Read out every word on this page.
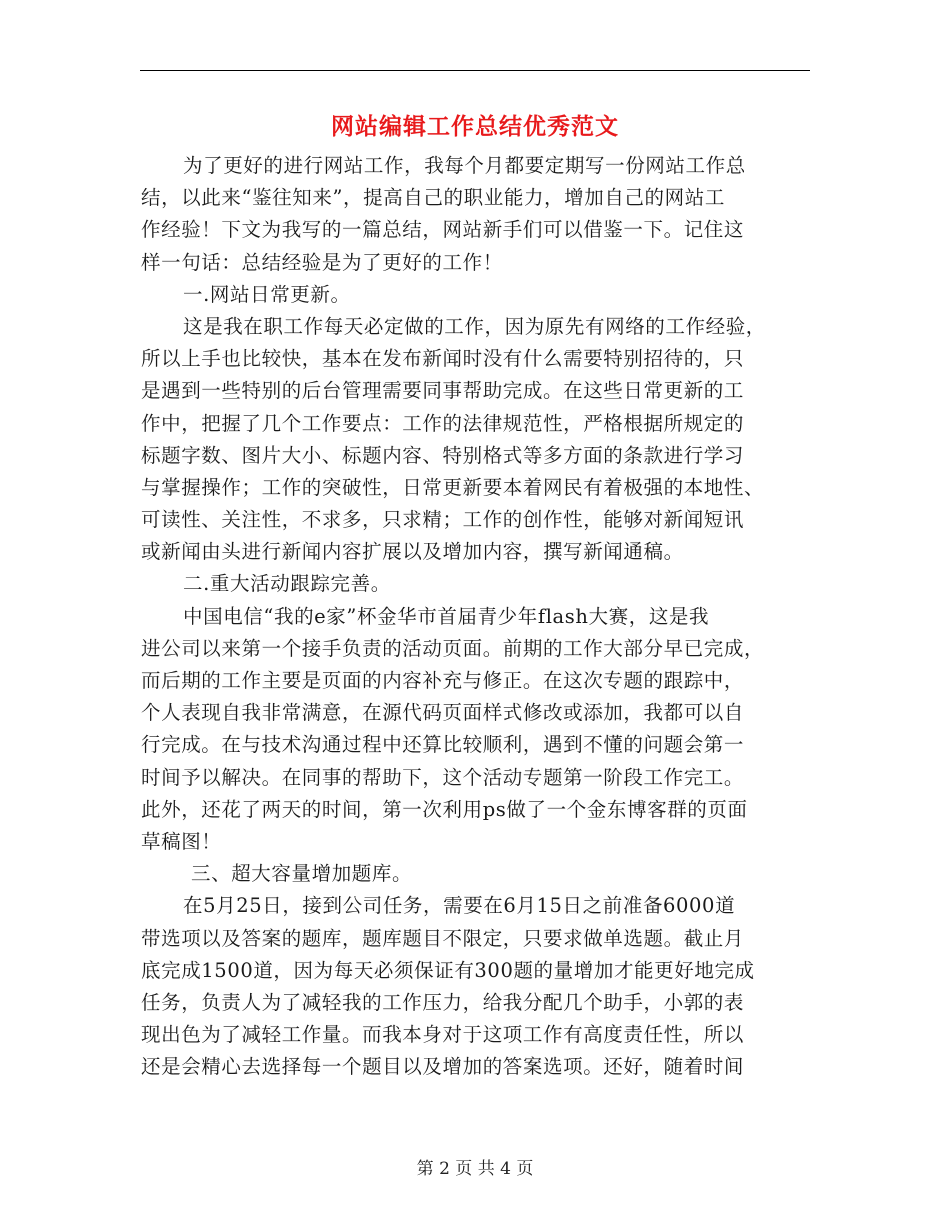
网站编辑工作总结优秀范文
为了更好的进行网站工作，我每个月都要定期写一份网站工作总
结，以此来“鉴往知来”，提高自己的职业能力，增加自己的网站工
作经验！下文为我写的一篇总结，网站新手们可以借鉴一下。记住这
样一句话：总结经验是为了更好的工作！
一.网站日常更新。
这是我在职工作每天必定做的工作，因为原先有网络的工作经验，
所以上手也比较快，基本在发布新闻时没有什么需要特别招待的，只
是遇到一些特别的后台管理需要同事帮助完成。在这些日常更新的工
作中，把握了几个工作要点：工作的法律规范性，严格根据所规定的
标题字数、图片大小、标题内容、特别格式等多方面的条款进行学习
与掌握操作；工作的突破性，日常更新要本着网民有着极强的本地性、
可读性、关注性，不求多，只求精；工作的创作性，能够对新闻短讯
或新闻由头进行新闻内容扩展以及增加内容，撰写新闻通稿。
二.重大活动跟踪完善。
中国电信“我的e家”杯金华市首届青少年flash大赛，这是我
进公司以来第一个接手负责的活动页面。前期的工作大部分早已完成，
而后期的工作主要是页面的内容补充与修正。在这次专题的跟踪中，
个人表现自我非常满意，在源代码页面样式修改或添加，我都可以自
行完成。在与技术沟通过程中还算比较顺利，遇到不懂的问题会第一
时间予以解决。在同事的帮助下，这个活动专题第一阶段工作完工。
此外，还花了两天的时间，第一次利用ps做了一个金东博客群的页面
草稿图！
三、超大容量增加题库。
在5月25日，接到公司任务，需要在6月15日之前准备6000道
带选项以及答案的题库，题库题目不限定，只要求做单选题。截止月
底完成1500道，因为每天必须保证有300题的量增加才能更好地完成
任务，负责人为了减轻我的工作压力，给我分配几个助手，小郭的表
现出色为了减轻工作量。而我本身对于这项工作有高度责任性，所以
还是会精心去选择每一个题目以及增加的答案选项。还好，随着时间
第 2 页 共 4 页
